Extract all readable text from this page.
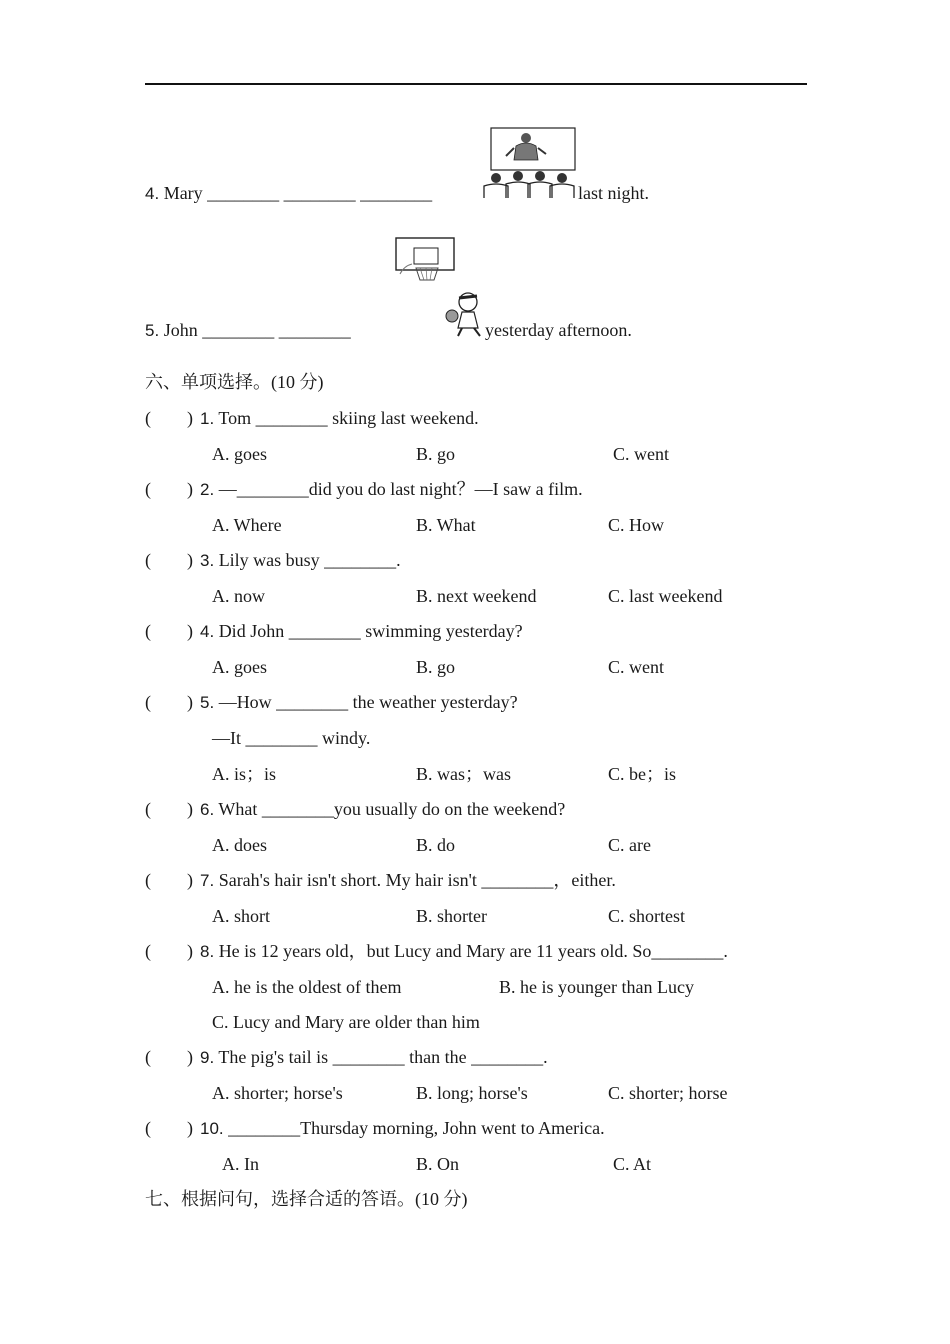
4. Mary ________ ________ ________	last night.
5. John ________ ________	yesterday afternoon.
六、单项选择。(10 分)
(        ) 1. Tom ________ skiing last weekend.
A. goes	B. go	C. went
(        ) 2. —________did you do last night？—I saw a film.
A. Where	B. What	C. How
(        ) 3. Lily was busy ________.
A. now	B. next weekend	C. last weekend
(        ) 4. Did John ________ swimming yesterday?
A. goes	B. go	C. went
(        ) 5. —How ________ the weather yesterday?
—It ________ windy.
A. is；is	B. was；was	C. be；is
(        ) 6. What ________you usually do on the weekend?
A. does	B. do	C. are
(        ) 7. Sarah's hair isn't short. My hair isn't ________，either.
A. short	B. shorter	C. shortest
(        ) 8. He is 12 years old，but Lucy and Mary are 11 years old. So________.
A. he is the oldest of them	B. he is younger than Lucy
C. Lucy and Mary are older than him
(        ) 9. The pig's tail is ________ than the ________.
A. shorter; horse's	B. long; horse's	C. shorter; horse
(        ) 10. ________Thursday morning, John went to America.
A. In	B. On	C. At
七、根据问句，选择合适的答语。(10 分)
